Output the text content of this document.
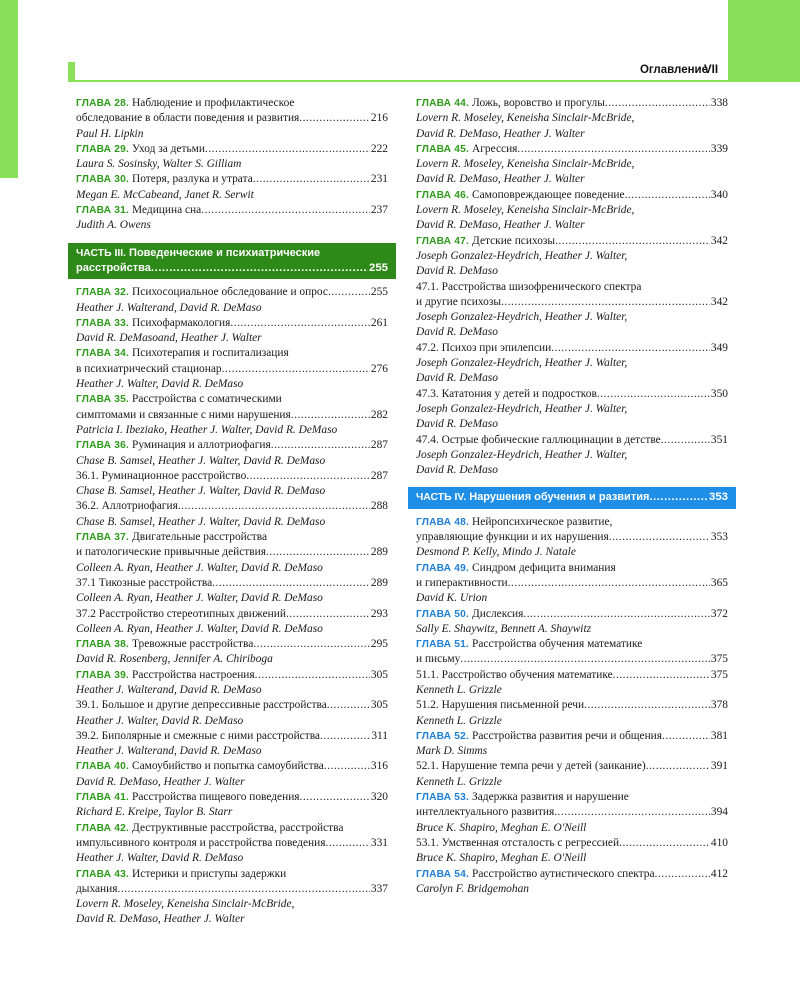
Оглавление
VII
ГЛАВА 28. Наблюдение и профилактическое
обследование в области поведения и развития .....	216
Paul H. Lipkin
ГЛАВА 29. Уход за детьми .....	222
Laura S. Sosinsky, Walter S. Gilliam
ГЛАВА 30. Потеря, разлука и утрата .....	231
Megan E. McCabeand, Janet R. Serwit
ГЛАВА 31. Медицина сна .....	237
Judith A. Owens
ЧАСТЬ III. Поведенческие и психиатрические
расстройства .....	255
ГЛАВА 32. Психосоциальное обследование и опрос .....	255
Heather J. Walterand, David R. DeMaso
ГЛАВА 33. Психофармакология .....	261
David R. DeMasoand, Heather J. Walter
ГЛАВА 34. Психотерапия и госпитализация
в психиатрический стационар .....	276
Heather J. Walter, David R. DeMaso
ГЛАВА 35. Расстройства с соматическими
симптомами и связанные с ними нарушения .....	282
Patricia I. Ibeziako, Heather J. Walter, David R. DeMaso
ГЛАВА 36. Руминация и аллотриофагия .....	287
Chase B. Samsel, Heather J. Walter, David R. DeMaso
36.1. Руминационное расстройство .....	287
Chase B. Samsel, Heather J. Walter, David R. DeMaso
36.2. Аллотриофагия .....	288
Chase B. Samsel, Heather J. Walter, David R. DeMaso
ГЛАВА 37. Двигательные расстройства
и патологические привычные действия .....	289
Colleen A. Ryan, Heather J. Walter, David R. DeMaso
37.1 Тикозные расстройства .....	289
Colleen A. Ryan, Heather J. Walter, David R. DeMaso
37.2 Расстройство стереотипных движений .....	293
Colleen A. Ryan, Heather J. Walter, David R. DeMaso
ГЛАВА 38. Тревожные расстройства .....	295
David R. Rosenberg, Jennifer A. Chiriboga
ГЛАВА 39. Расстройства настроения .....	305
Heather J. Walterand, David R. DeMaso
39.1. Большое и другие депрессивные расстройства .....	305
Heather J. Walter, David R. DeMaso
39.2. Биполярные и смежные с ними расстройства .....	311
Heather J. Walterand, David R. DeMaso
ГЛАВА 40. Самоубийство и попытка самоубийства .....	316
David R. DeMaso, Heather J. Walter
ГЛАВА 41. Расстройства пищевого поведения .....	320
Richard E. Kreipe, Taylor B. Starr
ГЛАВА 42. Деструктивные расстройства, расстройства
импульсивного контроля и расстройства поведения .....	331
Heather J. Walter, David R. DeMaso
ГЛАВА 43. Истерики и приступы задержки
дыхания .....	337
Lovern R. Moseley, Keneisha Sinclair-McBride,
David R. DeMaso, Heather J. Walter
ГЛАВА 44. Ложь, воровство и прогулы .....	338
Lovern R. Moseley, Keneisha Sinclair-McBride,
David R. DeMaso, Heather J. Walter
ГЛАВА 45. Агрессия .....	339
Lovern R. Moseley, Keneisha Sinclair-McBride,
David R. DeMaso, Heather J. Walter
ГЛАВА 46. Самоповреждающее поведение .....	340
Lovern R. Moseley, Keneisha Sinclair-McBride,
David R. DeMaso, Heather J. Walter
ГЛАВА 47. Детские психозы .....	342
Joseph Gonzalez-Heydrich, Heather J. Walter,
David R. DeMaso
47.1. Расстройства шизофренического спектра
и другие психозы .....	342
Joseph Gonzalez-Heydrich, Heather J. Walter,
David R. DeMaso
47.2. Психоз при эпилепсии .....	349
Joseph Gonzalez-Heydrich, Heather J. Walter,
David R. DeMaso
47.3. Кататония у детей и подростков .....	350
Joseph Gonzalez-Heydrich, Heather J. Walter,
David R. DeMaso
47.4. Острые фобические галлюцинации в детстве .....	351
Joseph Gonzalez-Heydrich, Heather J. Walter,
David R. DeMaso
ЧАСТЬ IV. Нарушения обучения и развития .....	353
ГЛАВА 48. Нейропсихическое развитие,
управляющие функции и их нарушения .....	353
Desmond P. Kelly, Mindo J. Natale
ГЛАВА 49. Синдром дефицита внимания
и гиперактивности .....	365
David K. Urion
ГЛАВА 50. Дислексия .....	372
Sally E. Shaywitz, Bennett A. Shaywitz
ГЛАВА 51. Расстройства обучения математике
и письму .....	375
51.1. Расстройство обучения математике .....	375
Kenneth L. Grizzle
51.2. Нарушения письменной речи .....	378
Kenneth L. Grizzle
ГЛАВА 52. Расстройства развития речи и общения .....	381
Mark D. Simms
52.1. Нарушение темпа речи у детей (заикание) .....	391
Kenneth L. Grizzle
ГЛАВА 53. Задержка развития и нарушение
интеллектуального развития .....	394
Bruce K. Shapiro, Meghan E. O'Neill
53.1. Умственная отсталость с регрессией .....	410
Bruce K. Shapiro, Meghan E. O'Neill
ГЛАВА 54. Расстройство аутистического спектра .....	412
Carolyn F. Bridgemohan
